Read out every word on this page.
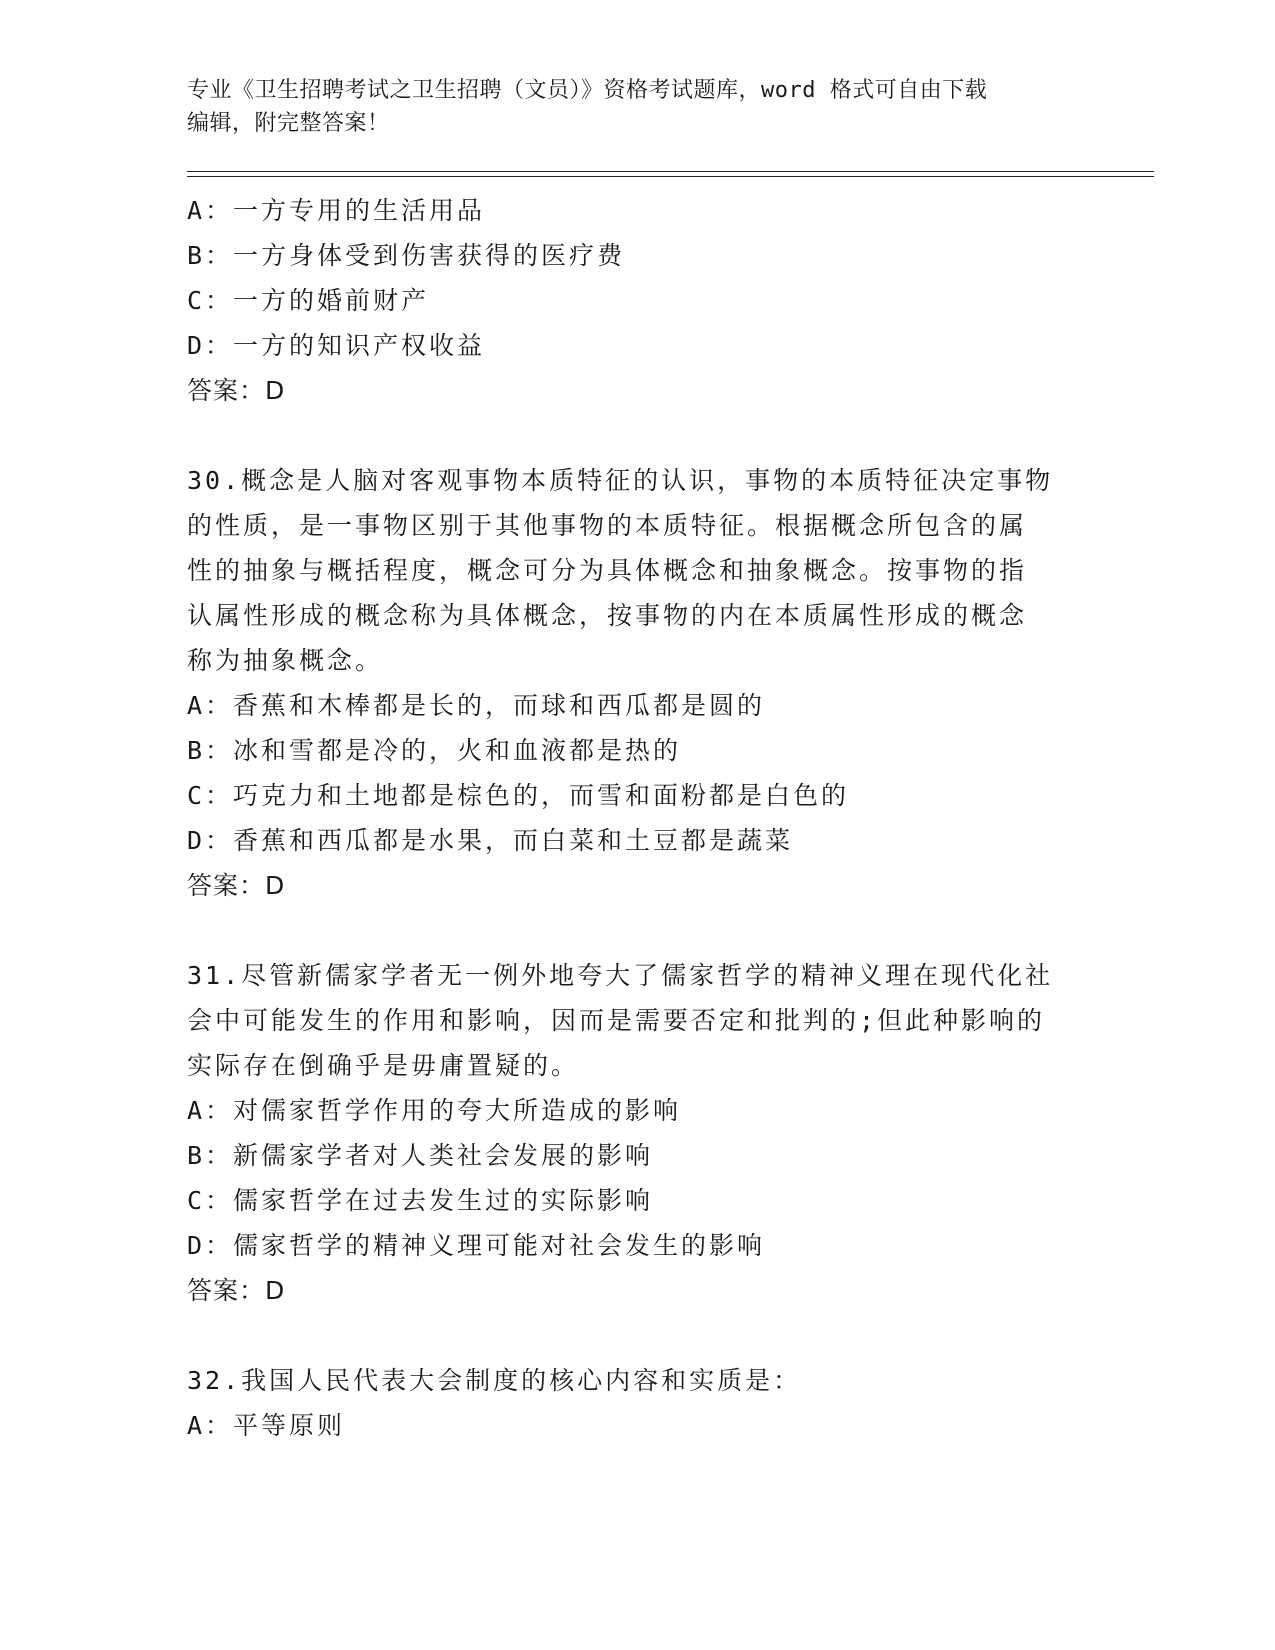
专业《卫生招聘考试之卫生招聘（文员）》资格考试题库，word 格式可自由下载
编辑，附完整答案！
A：一方专用的生活用品
B：一方身体受到伤害获得的医疗费
C：一方的婚前财产
D：一方的知识产权收益
答案：D
30.概念是人脑对客观事物本质特征的认识，事物的本质特征决定事物
的性质，是一事物区别于其他事物的本质特征。根据概念所包含的属
性的抽象与概括程度，概念可分为具体概念和抽象概念。按事物的指
认属性形成的概念称为具体概念，按事物的内在本质属性形成的概念
称为抽象概念。
A：香蕉和木棒都是长的，而球和西瓜都是圆的
B：冰和雪都是冷的，火和血液都是热的
C：巧克力和土地都是棕色的，而雪和面粉都是白色的
D：香蕉和西瓜都是水果，而白菜和土豆都是蔬菜
答案：D
31.尽管新儒家学者无一例外地夸大了儒家哲学的精神义理在现代化社
会中可能发生的作用和影响，因而是需要否定和批判的;但此种影响的
实际存在倒确乎是毋庸置疑的。
A：对儒家哲学作用的夸大所造成的影响
B：新儒家学者对人类社会发展的影响
C：儒家哲学在过去发生过的实际影响
D：儒家哲学的精神义理可能对社会发生的影响
答案：D
32.我国人民代表大会制度的核心内容和实质是：
A：平等原则
